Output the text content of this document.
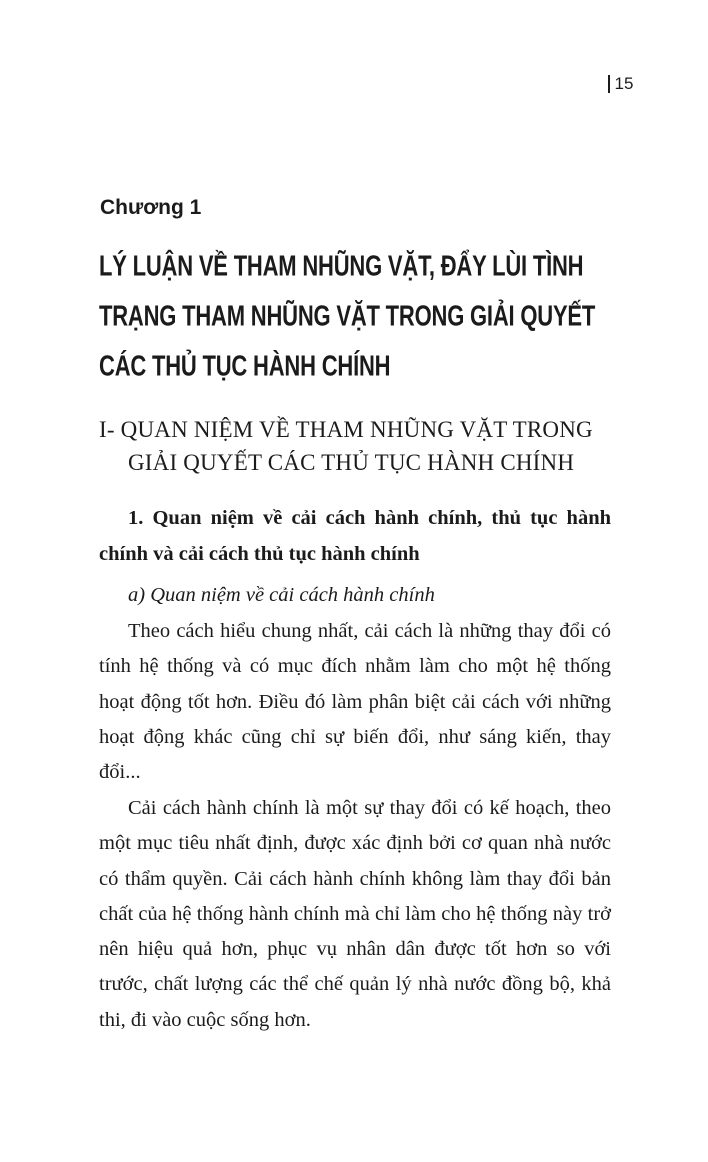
15
Chương 1
LÝ LUẬN VỀ THAM NHŨNG VẶT, ĐẨY LÙI TÌNH
TRẠNG THAM NHŨNG VẶT TRONG GIẢI QUYẾT
CÁC THỦ TỤC HÀNH CHÍNH
I- QUAN NIỆM VỀ THAM NHŨNG VẶT TRONG
GIẢI QUYẾT CÁC THỦ TỤC HÀNH CHÍNH
1. Quan niệm về cải cách hành chính, thủ tục hành chính và cải cách thủ tục hành chính
a) Quan niệm về cải cách hành chính

Theo cách hiểu chung nhất, cải cách là những thay đổi có tính hệ thống và có mục đích nhằm làm cho một hệ thống hoạt động tốt hơn. Điều đó làm phân biệt cải cách với những hoạt động khác cũng chỉ sự biến đổi, như sáng kiến, thay đổi...

Cải cách hành chính là một sự thay đổi có kế hoạch, theo một mục tiêu nhất định, được xác định bởi cơ quan nhà nước có thẩm quyền. Cải cách hành chính không làm thay đổi bản chất của hệ thống hành chính mà chỉ làm cho hệ thống này trở nên hiệu quả hơn, phục vụ nhân dân được tốt hơn so với trước, chất lượng các thể chế quản lý nhà nước đồng bộ, khả thi, đi vào cuộc sống hơn.
